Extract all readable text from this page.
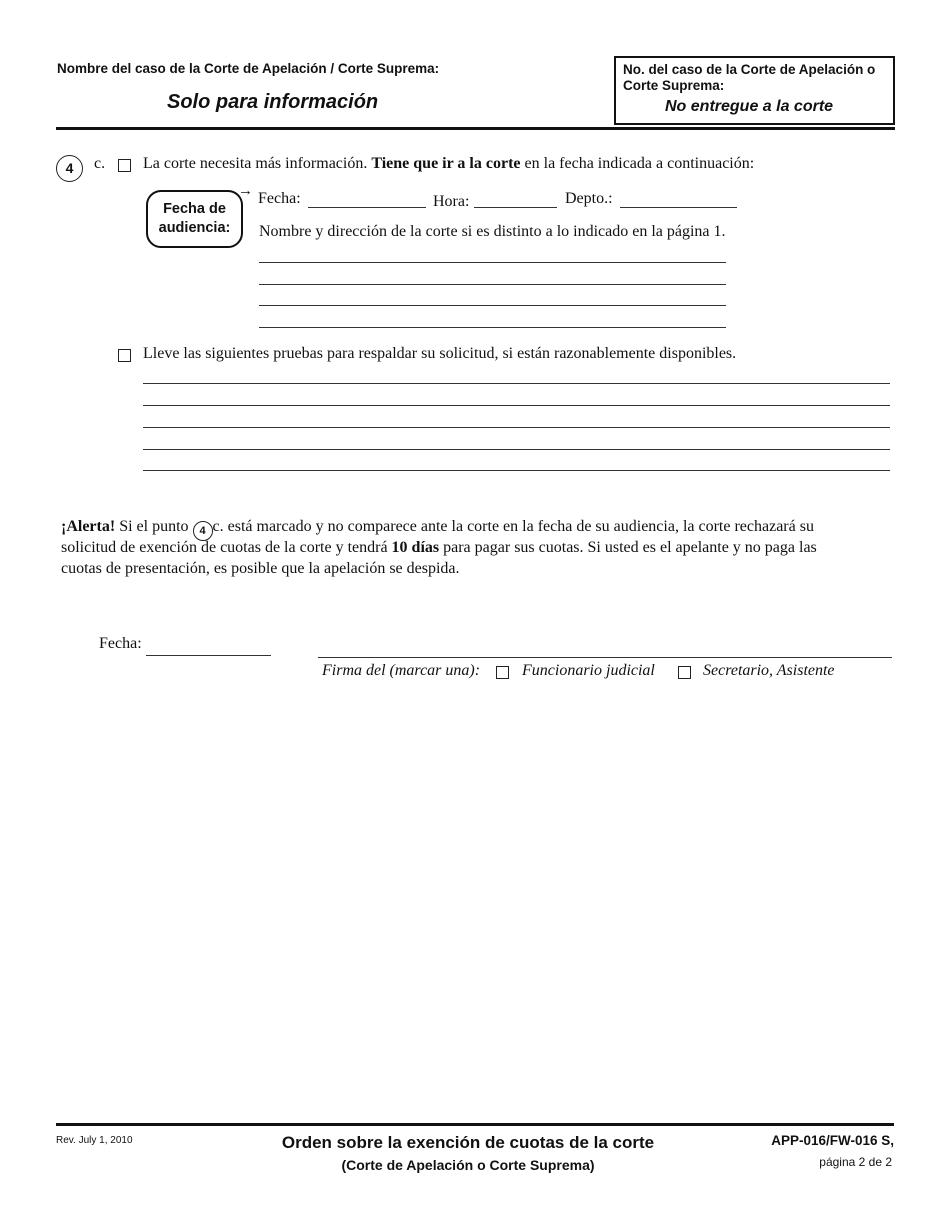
Nombre del caso de la Corte de Apelación / Corte Suprema:
Solo para información
No. del caso de la Corte de Apelación o
Corte Suprema:
No entregue a la corte
4	c. La corte necesita más información. Tiene que ir a la corte en la fecha indicada a continuación:
Fecha de
audiencia:
→ Fecha:	Hora:	Depto.:
Nombre y dirección de la corte si es distinto a lo indicado en la página 1.
Lleve las siguientes pruebas para respaldar su solicitud, si están razonablemente disponibles.
¡Alerta! Si el punto 4 c. está marcado y no comparece ante la corte en la fecha de su audiencia, la corte rechazará su
solicitud de exención de cuotas de la corte y tendrá 10 días para pagar sus cuotas. Si usted es el apelante y no paga las
cuotas de presentación, es posible que la apelación se despida.
Fecha:
Firma del (marcar una):	Funcionario judicial	Secretario, Asistente
Rev. July 1, 2010	Orden sobre la exención de cuotas de la corte
(Corte de Apelación o Corte Suprema)
APP-016/FW-016 S,
página 2 de 2
